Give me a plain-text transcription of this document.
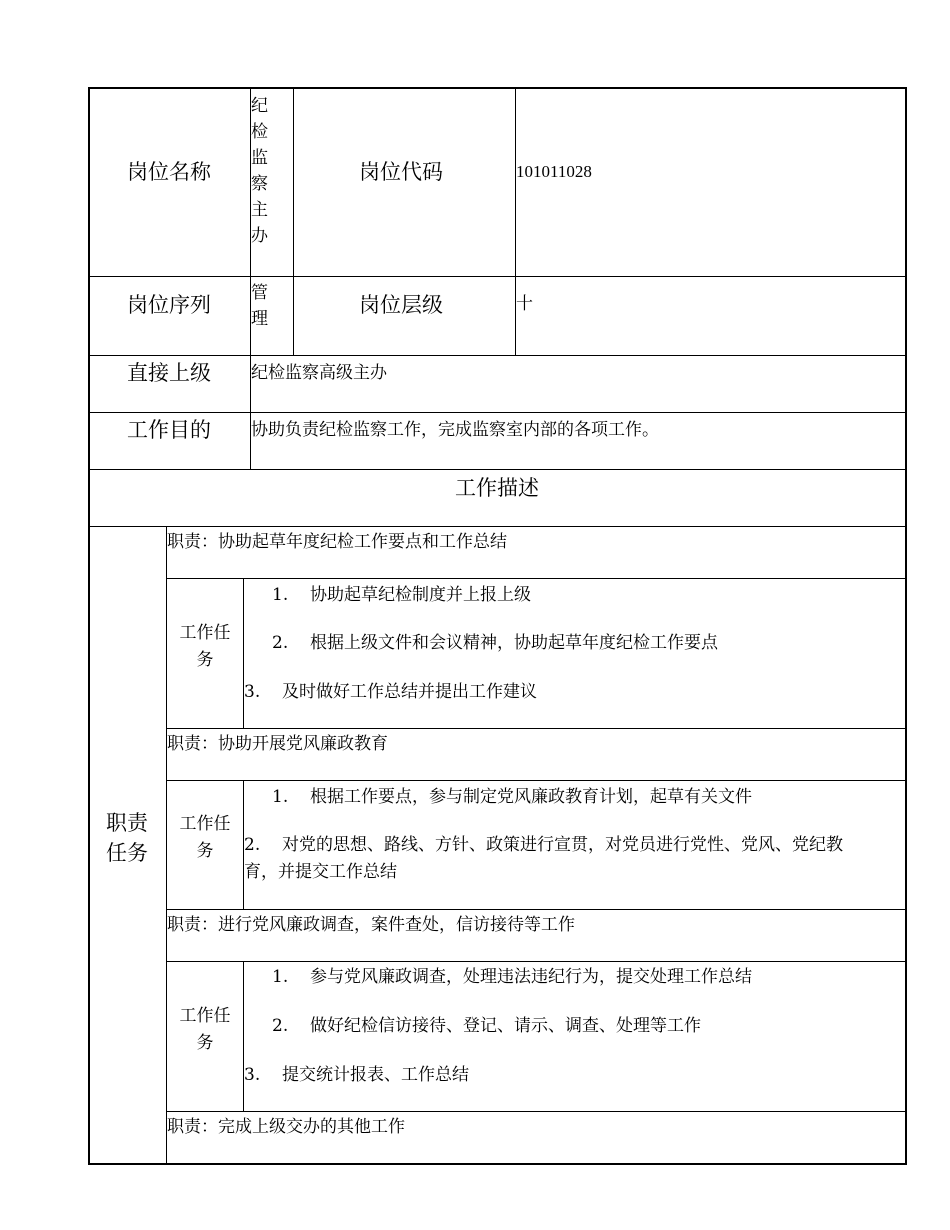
岗位名称
纪检监察主办
岗位代码	101011028
岗位序列 管理
岗位层级	十
直接上级 纪检监察高级主办
工作目的 协助负责纪检监察工作，完成监察室内部的各项工作。
工作描述
职责
任务
职责：协助起草年度纪检工作要点和工作总结
工作任
务
1. 协助起草纪检制度并上报上级
2. 根据上级文件和会议精神，协助起草年度纪检工作要点
3. 及时做好工作总结并提出工作建议
职责：协助开展党风廉政教育
工作任
务
1. 根据工作要点，参与制定党风廉政教育计划，起草有关文件
2. 对党的思想、路线、方针、政策进行宣贯，对党员进行党性、党风、党纪教
育，并提交工作总结
职责：进行党风廉政调查，案件查处，信访接待等工作
工作任
务
1. 参与党风廉政调查，处理违法违纪行为，提交处理工作总结
2. 做好纪检信访接待、登记、请示、调查、处理等工作
3. 提交统计报表、工作总结
职责：完成上级交办的其他工作
